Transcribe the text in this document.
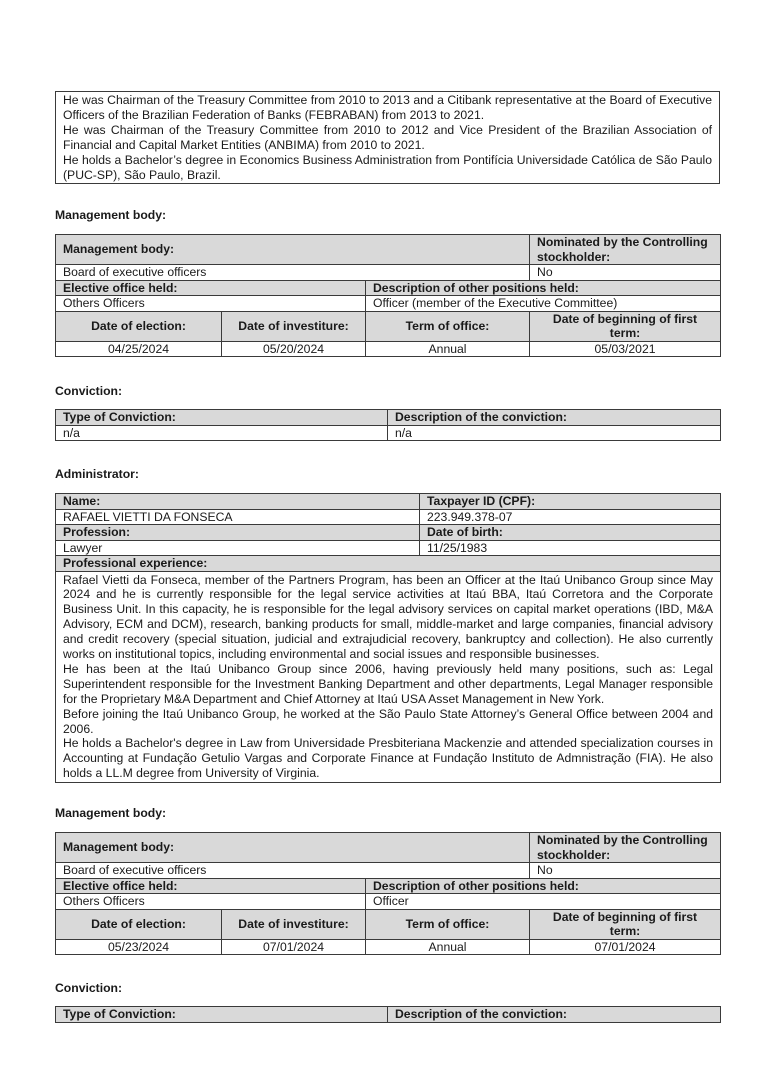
He was Chairman of the Treasury Committee from 2010 to 2013 and a Citibank representative at the Board of Executive Officers of the Brazilian Federation of Banks (FEBRABAN) from 2013 to 2021.
He was Chairman of the Treasury Committee from 2010 to 2012 and Vice President of the Brazilian Association of Financial and Capital Market Entities (ANBIMA) from 2010 to 2021.
He holds a Bachelor’s degree in Economics Business Administration from Pontifícia Universidade Católica de São Paulo (PUC-SP), São Paulo, Brazil.
Management body:
Management body:			Nominated by the Controlling stockholder:
Board of executive officers			No
Elective office held:		Description of other positions held:	
Others Officers		Officer (member of the Executive Committee)	
Date of election:	Date of investiture:	Term of office:	Date of beginning of first term:
04/25/2024	05/20/2024	Annual	05/03/2021
Conviction:
Type of Conviction:	Description of the conviction:
n/a	n/a
Administrator:
Name:	Taxpayer ID (CPF):
RAFAEL VIETTI DA FONSECA	223.949.378-07
Profession:	Date of birth:
Lawyer	11/25/1983
Professional experience:	

Rafael Vietti da Fonseca, member of the Partners Program, has been an Officer at the Itaú Unibanco Group since May 2024 and he is currently responsible for the legal service activities at Itaú BBA, Itaú Corretora and the Corporate Business Unit. In this capacity, he is responsible for the legal advisory services on capital market operations (IBD, M&A Advisory, ECM and DCM), research, banking products for small, middle-market and large companies, financial advisory and credit recovery (special situation, judicial and extrajudicial recovery, bankruptcy and collection). He also currently works on institutional topics, including environmental and social issues and responsible businesses.
He has been at the Itaú Unibanco Group since 2006, having previously held many positions, such as: Legal Superintendent responsible for the Investment Banking Department and other departments, Legal Manager responsible for the Proprietary M&A Department and Chief Attorney at Itaú USA Asset Management in New York.
Before joining the Itaú Unibanco Group, he worked at the São Paulo State Attorney’s General Office between 2004 and 2006.
He holds a Bachelor's degree in Law from Universidade Presbiteriana Mackenzie and attended specialization courses in Accounting at Fundação Getulio Vargas and Corporate Finance at Fundação Instituto de Admnistração (FIA). He also holds a LL.M degree from University of Virginia.	
Management body:
Management body:			Nominated by the Controlling stockholder:
Board of executive officers			No
Elective office held:		Description of other positions held:	
Others Officers		Officer	
Date of election:	Date of investiture:	Term of office:	Date of beginning of first term:
05/23/2024	07/01/2024	Annual	07/01/2024
Conviction:
Type of Conviction:	Description of the conviction:
